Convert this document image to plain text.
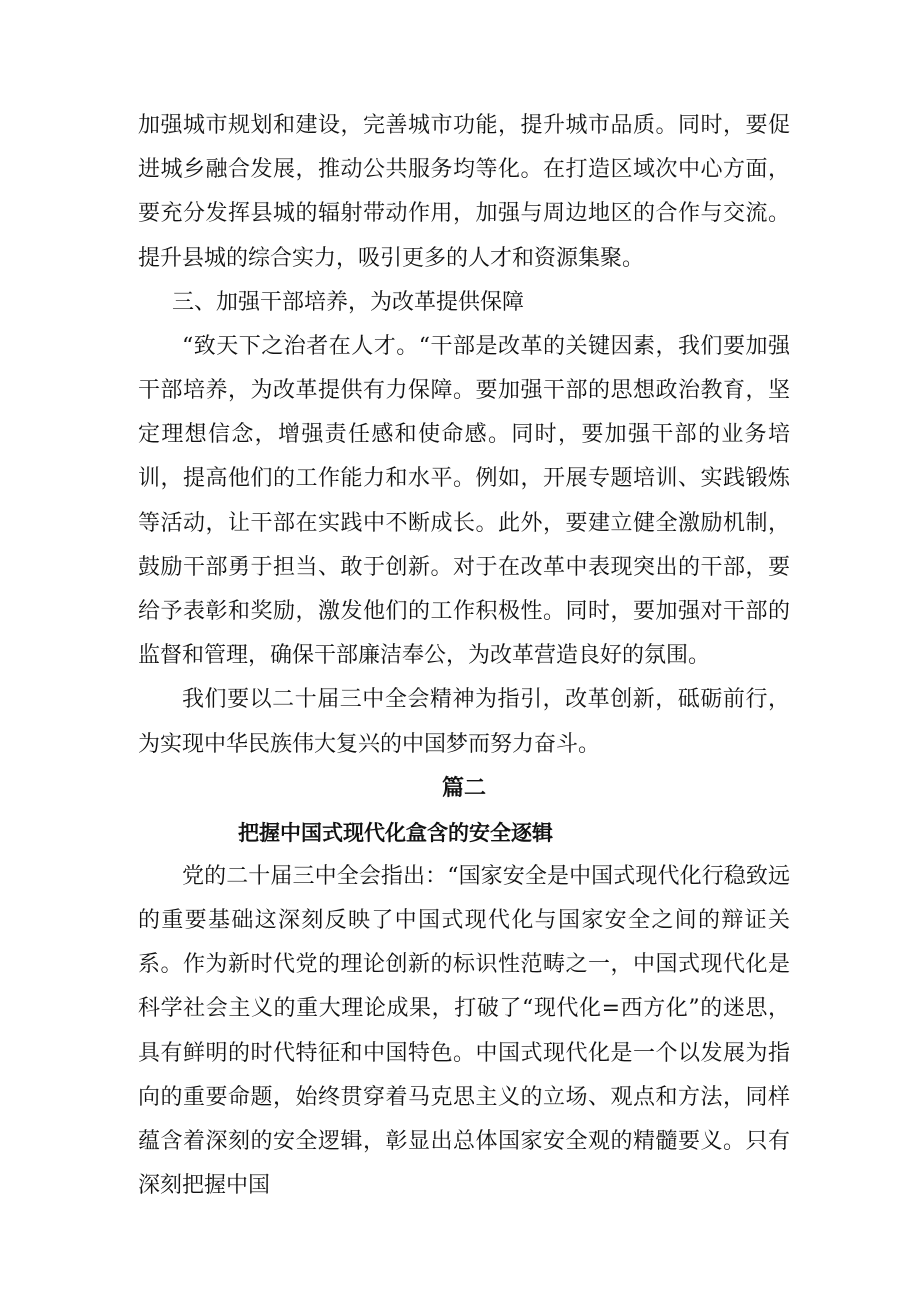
加强城市规划和建设，完善城市功能，提升城市品质。同时，要促进城乡融合发展，推动公共服务均等化。在打造区域次中心方面，要充分发挥县城的辐射带动作用，加强与周边地区的合作与交流。提升县城的综合实力，吸引更多的人才和资源集聚。

三、加强干部培养，为改革提供保障

“致天下之治者在人才。“干部是改革的关键因素，我们要加强干部培养，为改革提供有力保障。要加强干部的思想政治教育，坚定理想信念，增强责任感和使命感。同时，要加强干部的业务培训，提高他们的工作能力和水平。例如，开展专题培训、实践锻炼等活动，让干部在实践中不断成长。此外，要建立健全激励机制，鼓励干部勇于担当、敢于创新。对于在改革中表现突出的干部，要给予表彰和奖励，激发他们的工作积极性。同时，要加强对干部的监督和管理，确保干部廉洁奉公，为改革营造良好的氛围。

我们要以二十届三中全会精神为指引，改革创新，砥砺前行，为实现中华民族伟大复兴的中国梦而努力奋斗。

篇二
把握中国式现代化盒含的安全逐辑

党的二十届三中全会指出：“国家安全是中国式现代化行稳致远的重要基础这深刻反映了中国式现代化与国家安全之间的辩证关系。作为新时代党的理论创新的标识性范畴之一，中国式现代化是科学社会主义的重大理论成果，打破了“现代化=西方化”的迷思，具有鲜明的时代特征和中国特色。中国式现代化是一个以发展为指向的重要命题，始终贯穿着马克思主义的立场、观点和方法，同样蕴含着深刻的安全逻辑，彰显出总体国家安全观的精髓要义。只有深刻把握中国
